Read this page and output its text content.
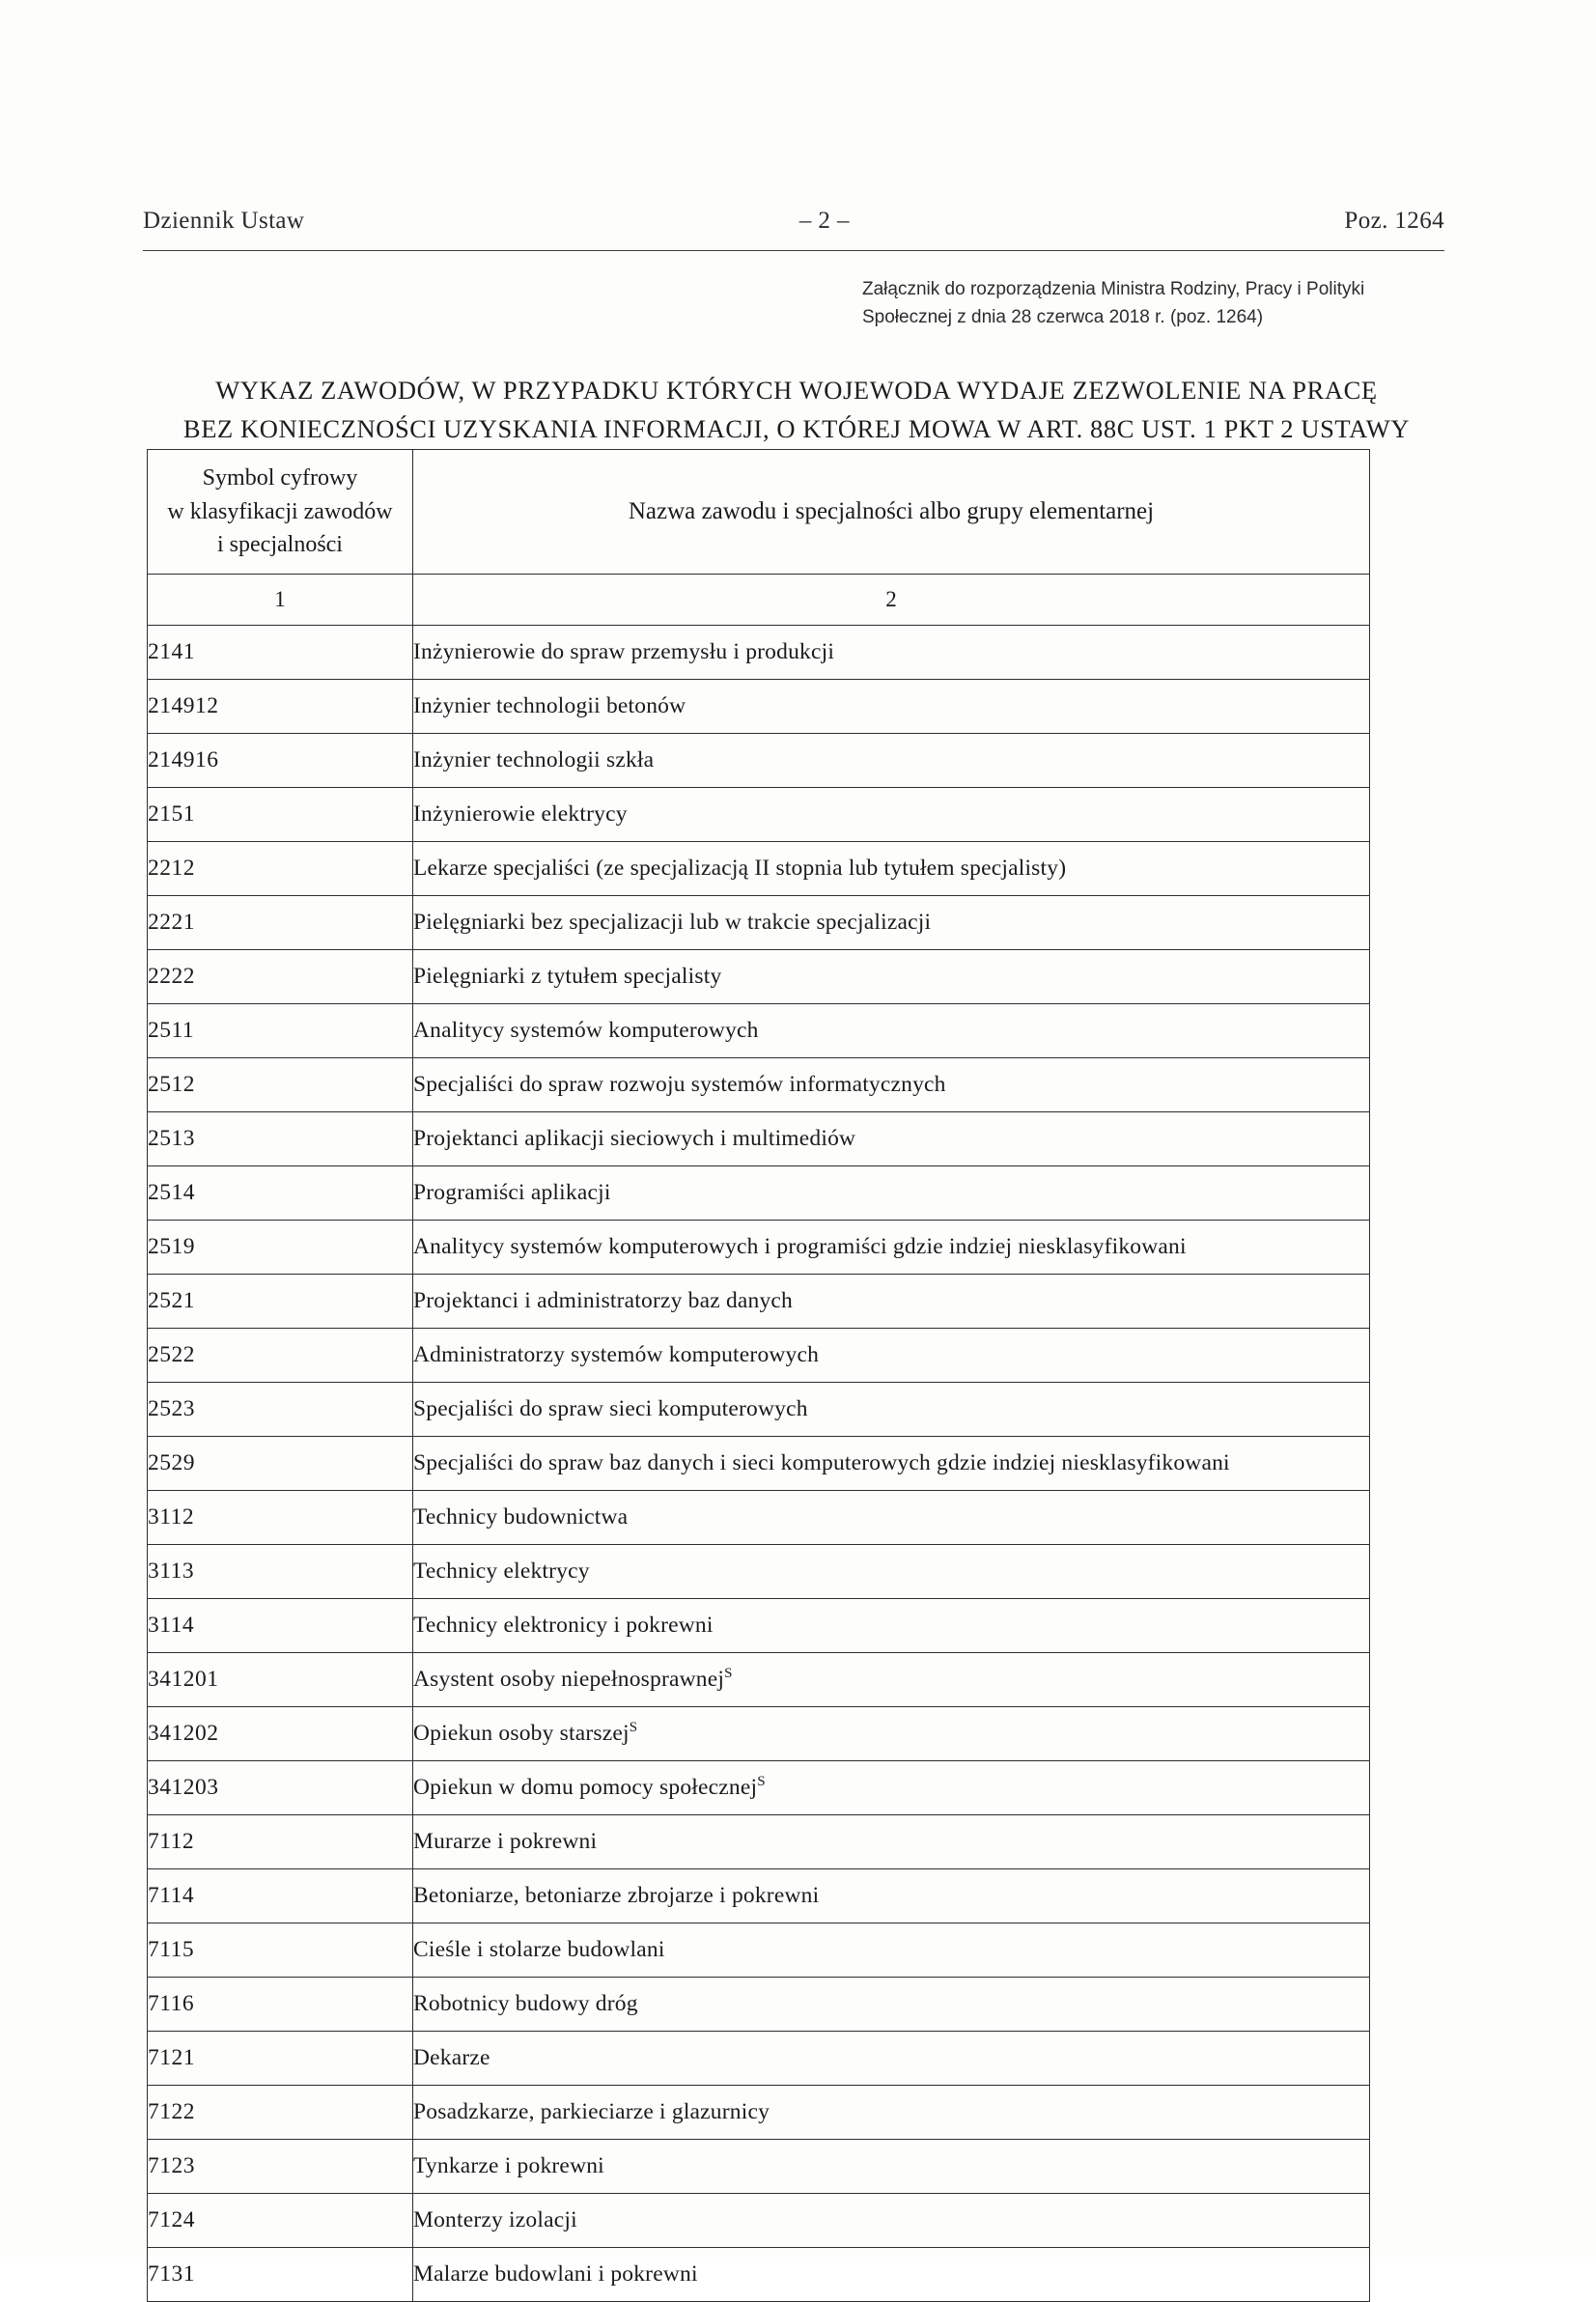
Dziennik Ustaw	– 2 –	Poz. 1264
Załącznik do rozporządzenia Ministra Rodziny, Pracy i Polityki
Społecznej z dnia 28 czerwca 2018 r. (poz. 1264)
WYKAZ ZAWODÓW, W PRZYPADKU KTÓRYCH WOJEWODA WYDAJE ZEZWOLENIE NA PRACĘ
BEZ KONIECZNOŚCI UZYSKANIA INFORMACJI, O KTÓREJ MOWA W ART. 88C UST. 1 PKT 2 USTAWY
Symbol cyfrowy
w klasyfikacji zawodów
i specjalności	Nazwa zawodu i specjalności albo grupy elementarnej
1	2
2141	Inżynierowie do spraw przemysłu i produkcji
214912	Inżynier technologii betonów
214916	Inżynier technologii szkła
2151	Inżynierowie elektrycy
2212	Lekarze specjaliści (ze specjalizacją II stopnia lub tytułem specjalisty)
2221	Pielęgniarki bez specjalizacji lub w trakcie specjalizacji
2222	Pielęgniarki z tytułem specjalisty
2511	Analitycy systemów komputerowych
2512	Specjaliści do spraw rozwoju systemów informatycznych
2513	Projektanci aplikacji sieciowych i multimediów
2514	Programiści aplikacji
2519	Analitycy systemów komputerowych i programiści gdzie indziej niesklasyfikowani
2521	Projektanci i administratorzy baz danych
2522	Administratorzy systemów komputerowych
2523	Specjaliści do spraw sieci komputerowych
2529	Specjaliści do spraw baz danych i sieci komputerowych gdzie indziej niesklasyfikowani
3112	Technicy budownictwa
3113	Technicy elektrycy
3114	Technicy elektronicy i pokrewni
341201	Asystent osoby niepełnosprawnej$^S$
341202	Opiekun osoby starszej$^S$
341203	Opiekun w domu pomocy społecznej$^S$
7112	Murarze i pokrewni
7114	Betoniarze, betoniarze zbrojarze i pokrewni
7115	Cieśle i stolarze budowlani
7116	Robotnicy budowy dróg
7121	Dekarze
7122	Posadzkarze, parkieciarze i glazurnicy
7123	Tynkarze i pokrewni
7124	Monterzy izolacji
7131	Malarze budowlani i pokrewni
